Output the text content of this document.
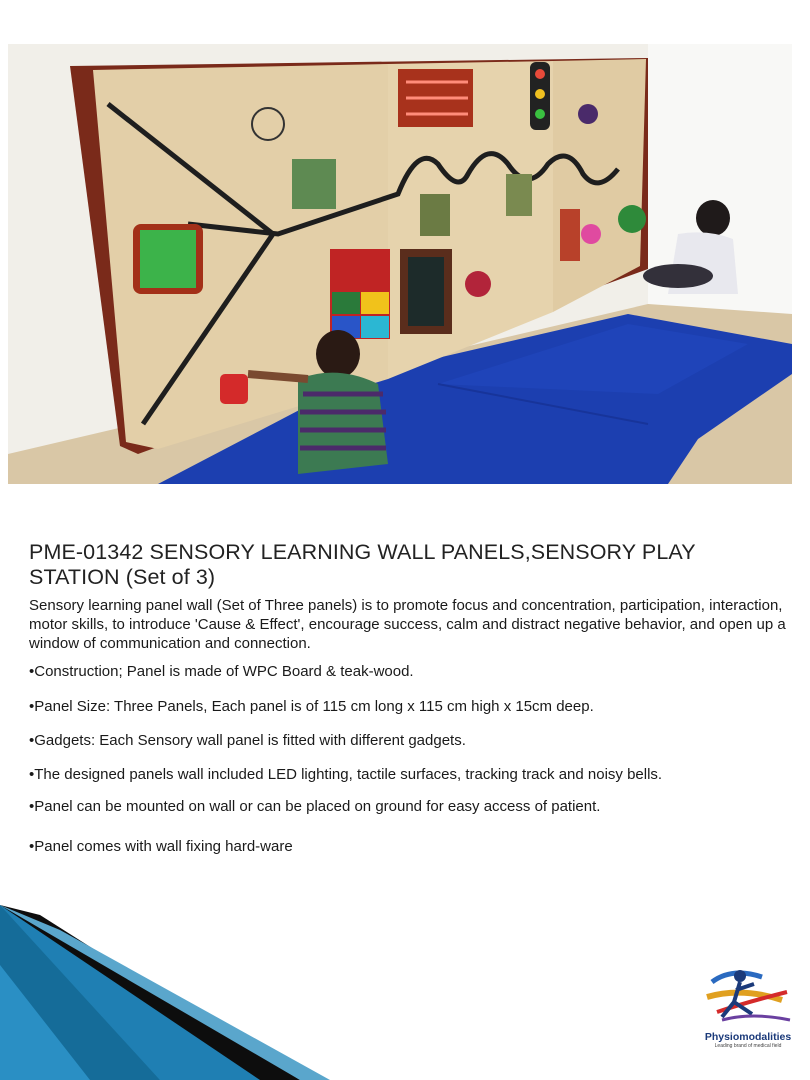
PME-01342 SENSORY LEARNING WALL PANELS,SENSORY PLAY STATION (Set of 3)
Sensory learning panel wall (Set of Three panels) is to promote focus and concentration, participation, interaction, motor skills, to introduce 'Cause & Effect', encourage success, calm and distract negative behavior, and open up a window of communication and connection.
•Construction; Panel is made of WPC Board & teak-wood.
•Panel Size: Three Panels, Each panel is of 115 cm long x 115 cm high x 15cm deep.
•Gadgets: Each Sensory wall panel is fitted with different gadgets.
•The designed panels wall included LED lighting, tactile surfaces, tracking track and noisy bells.
•Panel can be mounted on wall or can be placed on ground for easy access of patient.
•Panel comes with wall fixing hard-ware
Physiomodalities
Leading brand of medical field
